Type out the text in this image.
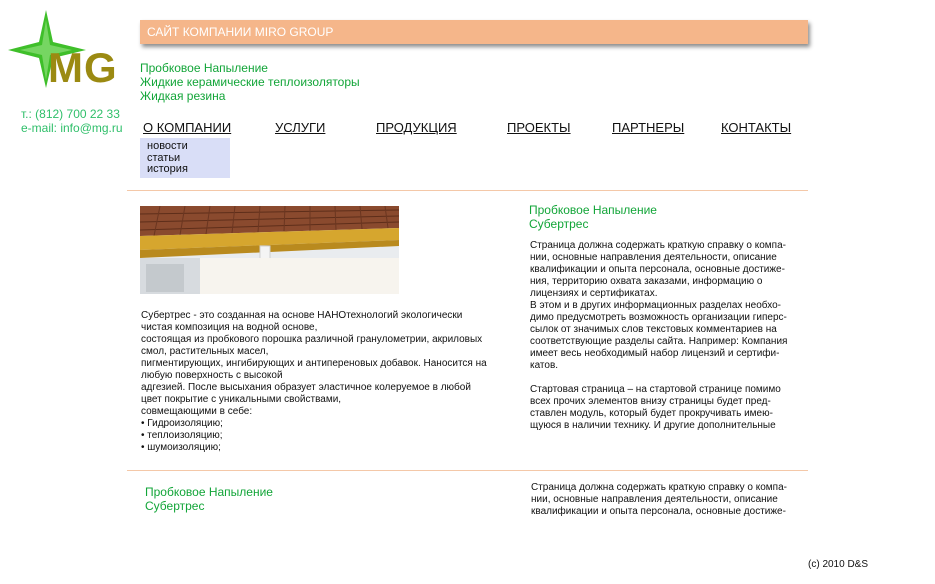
MG
т.: (812) 700 22 33
e-mail: info@mg.ru
САЙТ КОМПАНИИ MIRO GROUP
Пробковое Напыление
Жидкие керамические теплоизоляторы
Жидкая резина
О КОМПАНИИ	УСЛУГИ	ПРОДУКЦИЯ	ПРОЕКТЫ	ПАРТНЕРЫ	КОНТАКТЫ
новости
статьи
история
Субертрес - это созданная на основе НАНОтехнологий экологически
чистая композиция на водной основе,
состоящая из пробкового порошка различной гранулометрии, акриловых
смол, растительных масел,
пигментирующих, ингибирующих и антипереновых добавок. Наносится на
любую поверхность с высокой
адгезией. После высыхания образует эластичное колеруемое в любой
цвет покрытие с уникальными свойствами,
совмещающими в себе:
• Гидроизоляцию;
• теплоизоляцию;
• шумоизоляцию;
Пробковое Напыление
Субертрес
Страница должна содержать краткую справку о компа-
нии, основные направления деятельности, описание
квалификации и опыта персонала, основные достиже-
ния, территорию охвата заказами, информацию о
лицензиях и сертификатах.
В этом и в других информационных разделах необхо-
димо предусмотреть возможность организации гиперс-
сылок от значимых слов текстовых комментариев на
соответствующие разделы сайта. Например: Компания
имеет весь необходимый набор лицензий и сертифи-
катов.

Стартовая страница – на стартовой странице помимо
всех прочих элементов внизу страницы будет пред-
ставлен модуль, который будет прокручивать имею-
щуюся в наличии технику. И другие дополнительные
Пробковое Напыление
Субертрес
Страница должна содержать краткую справку о компа-
нии, основные направления деятельности, описание
квалификации и опыта персонала, основные достиже-
(c) 2010 D&S
